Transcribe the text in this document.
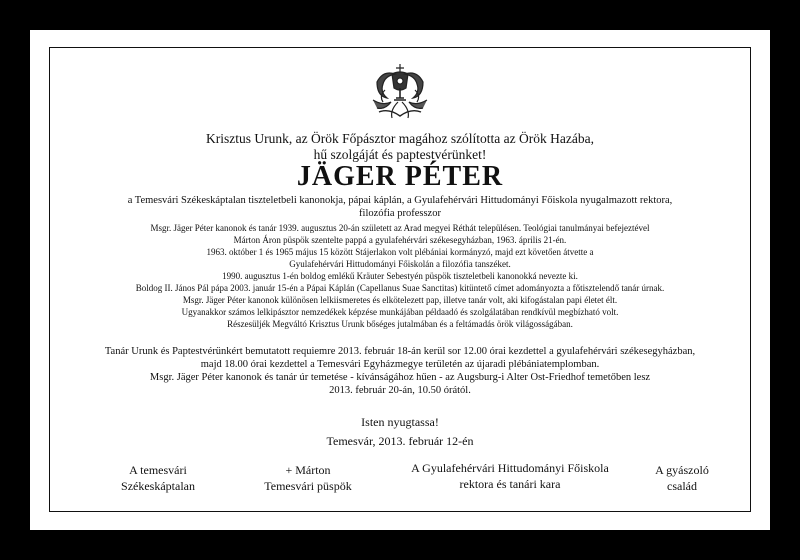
Krisztus Urunk, az Örök Főpásztor magához szólította az Örök Hazába,
hű szolgáját és paptestvérünket!
JÄGER PÉTER
a Temesvári Székeskáptalan tiszteletbeli kanonokja, pápai káplán, a Gyulafehérvári Hittudományi Főiskola nyugalmazott rektora,
filozófia professzor
Msgr. Jäger Péter kanonok és tanár 1939. augusztus 20-án született az Arad megyei Réthát településen. Teológiai tanulmányai befejeztével
Márton Áron püspök szentelte pappá a gyulafehérvári székesegyházban, 1963. április 21-én.
1963. október 1 és 1965 május 15 között Stájerlakon volt plébániai kormányzó, majd ezt követően átvette a
Gyulafehérvári Hittudományi Főiskolán a filozófia tanszéket.
1990. augusztus 1-én boldog emlékű Kräuter Sebestyén püspök tiszteletbeli kanonokká nevezte ki.
Boldog II. János Pál pápa 2003. január 15-én a Pápai Káplán (Capellanus Suae Sanctitas) kitüntető címet adományozta a főtisztelendő tanár úrnak.
Msgr. Jäger Péter kanonok különösen lelkiismeretes és elkötelezett pap, illetve tanár volt, aki kifogástalan papi életet élt.
Ugyanakkor számos lelkipásztor nemzedékek képzése munkájában példaadó és szolgálatában rendkívül megbízható volt.
Részesüljék Megváltó Krisztus Urunk bőséges jutalmában és a feltámadás örök világosságában.
Tanár Urunk és Paptestvérünkért bemutatott requiemre 2013. február 18-án kerül sor 12.00 órai kezdettel a gyulafehérvári székesegyházban,
majd 18.00 órai kezdettel a Temesvári Egyházmegye területén az újaradi plébániatemplomban.
Msgr. Jäger Péter kanonok és tanár úr temetése - kívánságához hűen - az Augsburg-i Alter Ost-Friedhof temetőben lesz
2013. február 20-án, 10.50 órától.
Isten nyugtassa!
Temesvár, 2013. február 12-én
A temesvári
Székeskáptalan
+ Márton
Temesvári püspök
A Gyulafehérvári Hittudományi Főiskola
rektora és tanári kara
A gyászoló
család
